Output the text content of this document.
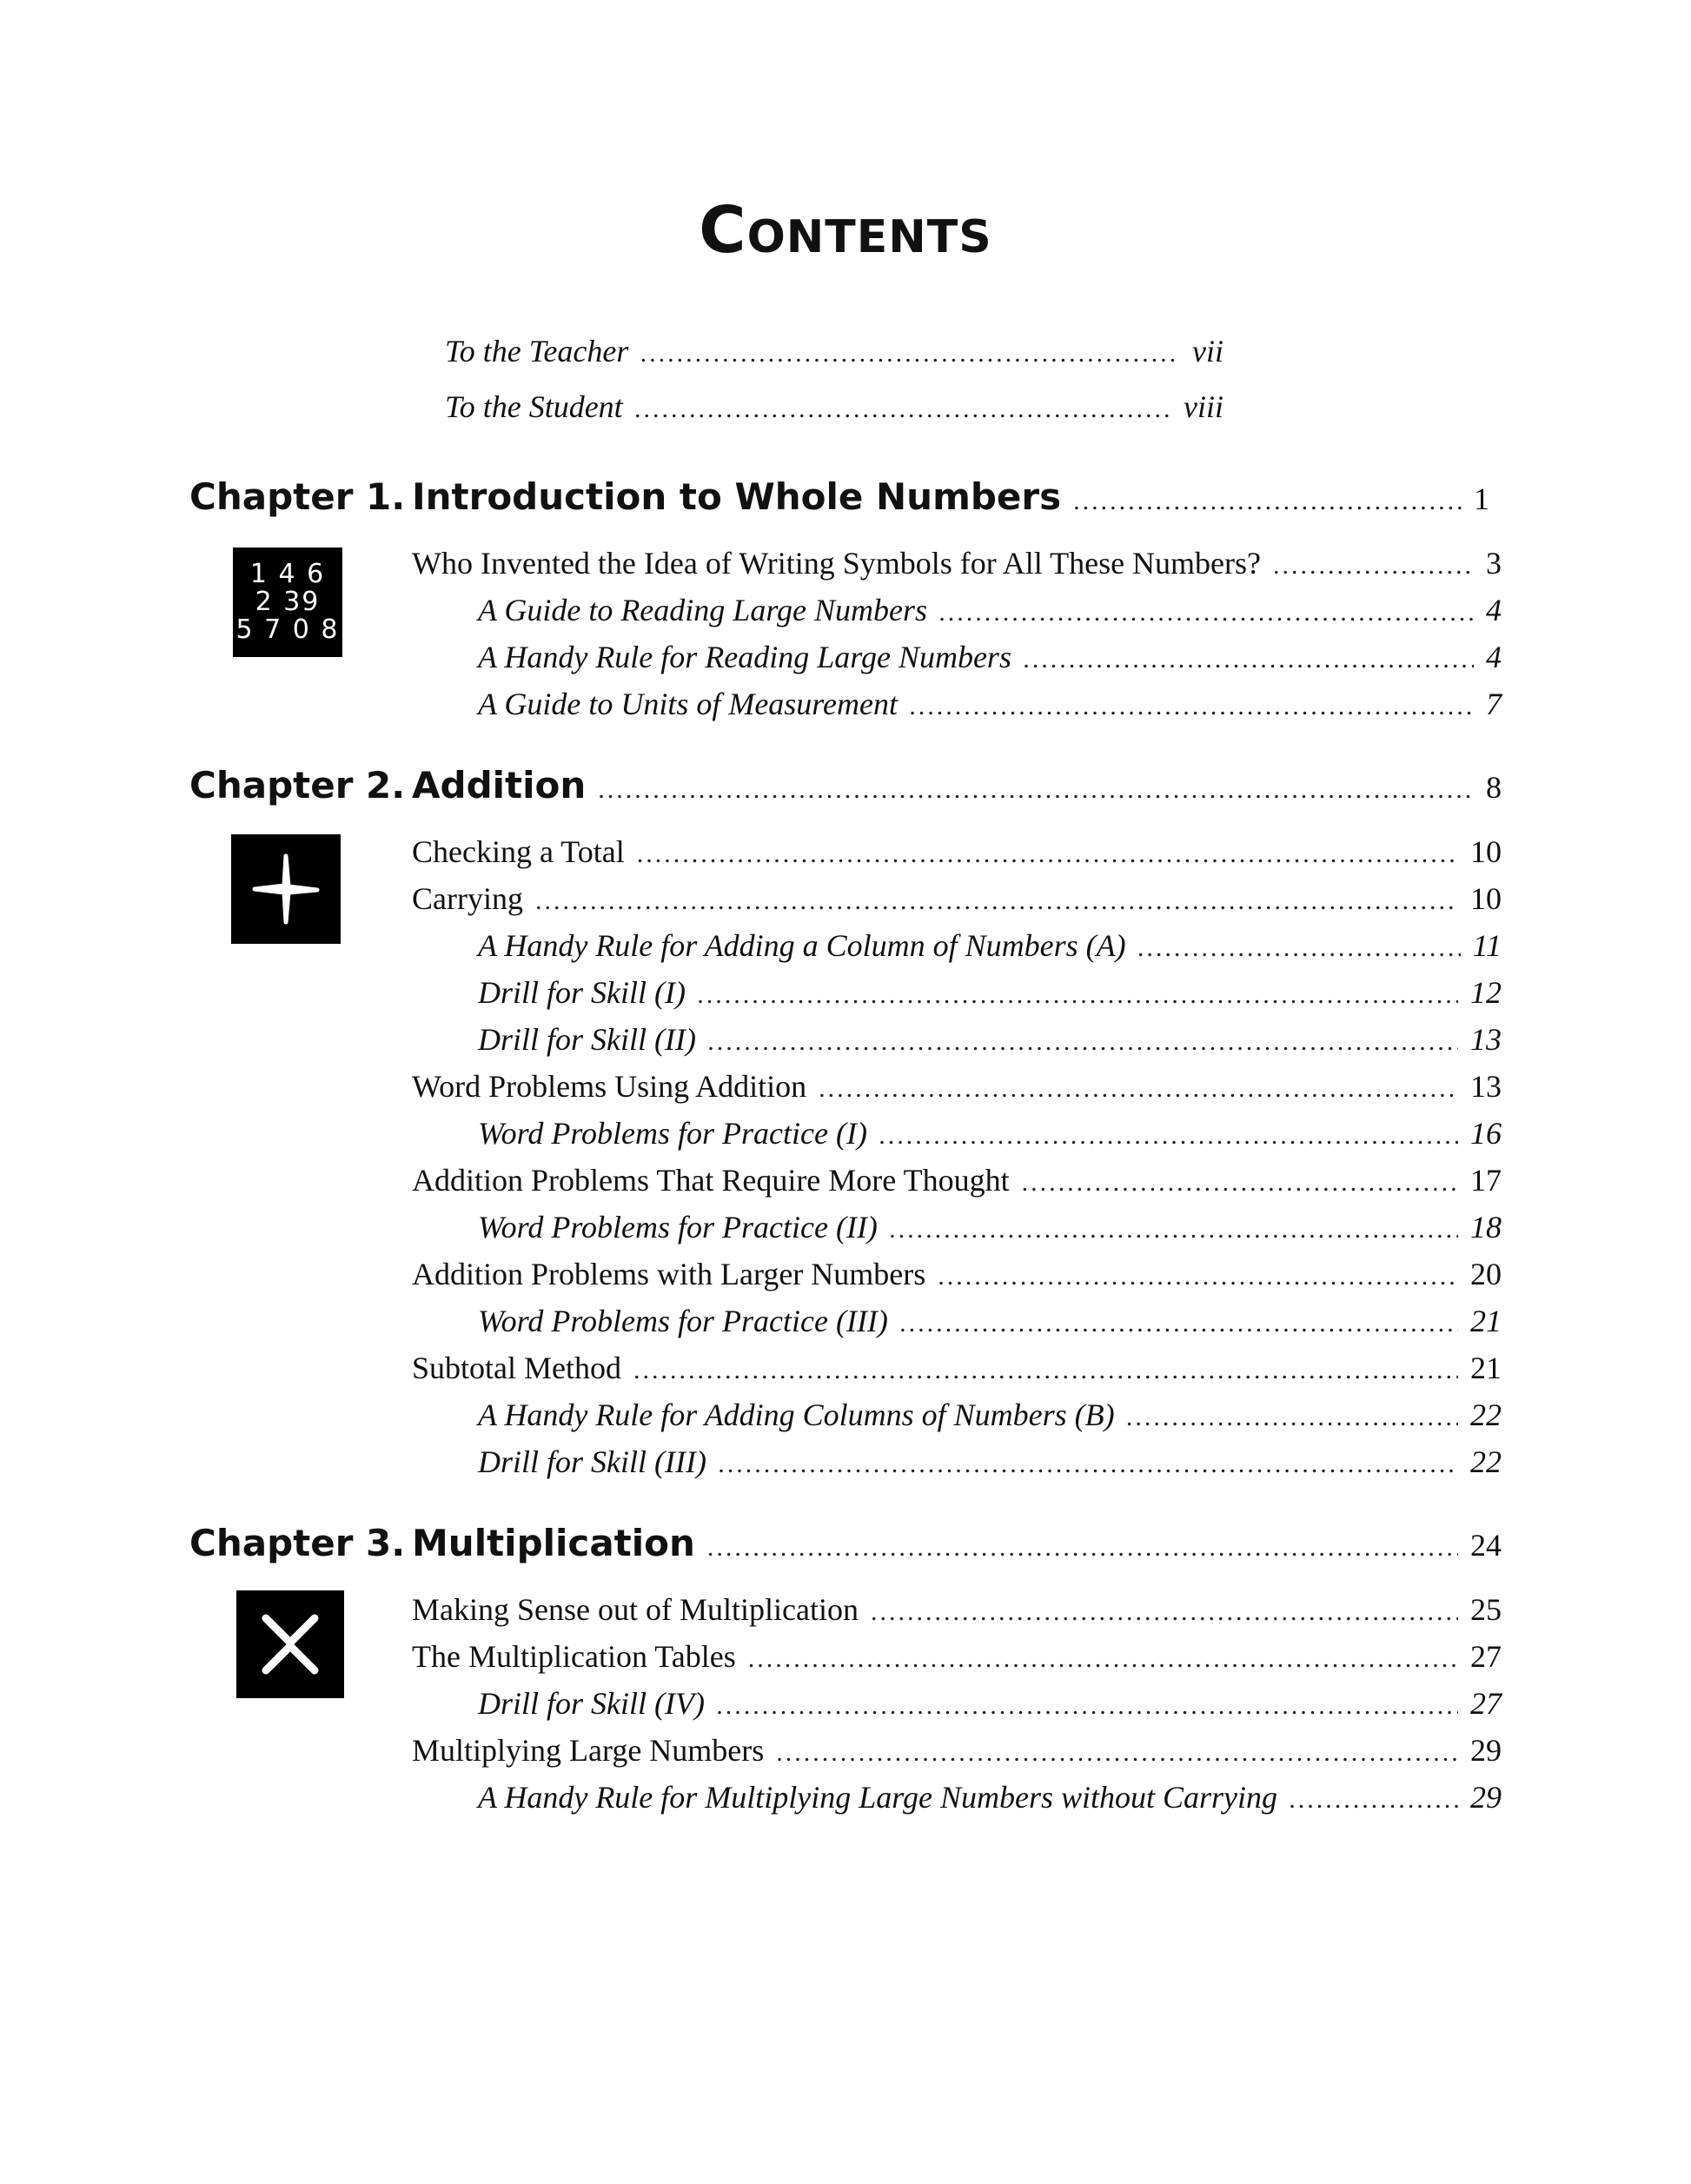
Contents
To the Teacher .....	vii
To the Student .....	viii
Chapter 1. Introduction to Whole Numbers .....	1
1 4 6
2 39
5 7 0 8
Who Invented the Idea of Writing Symbols for All These Numbers? .....	3
A Guide to Reading Large Numbers .....	4
A Handy Rule for Reading Large Numbers .....	4
A Guide to Units of Measurement .....	7
Chapter 2. Addition .....	8
Checking a Total .....	10
Carrying .....	10
A Handy Rule for Adding a Column of Numbers (A) .....	11
Drill for Skill (I) .....	12
Drill for Skill (II) .....	13
Word Problems Using Addition .....	13
Word Problems for Practice (I) .....	16
Addition Problems That Require More Thought .....	17
Word Problems for Practice (II) .....	18
Addition Problems with Larger Numbers .....	20
Word Problems for Practice (III) .....	21
Subtotal Method .....	21
A Handy Rule for Adding Columns of Numbers (B) .....	22
Drill for Skill (III) .....	22
Chapter 3. Multiplication .....	24
Making Sense out of Multiplication .....	25
The Multiplication Tables .....	27
Drill for Skill (IV) .....	27
Multiplying Large Numbers .....	29
A Handy Rule for Multiplying Large Numbers without Carrying .....	29
